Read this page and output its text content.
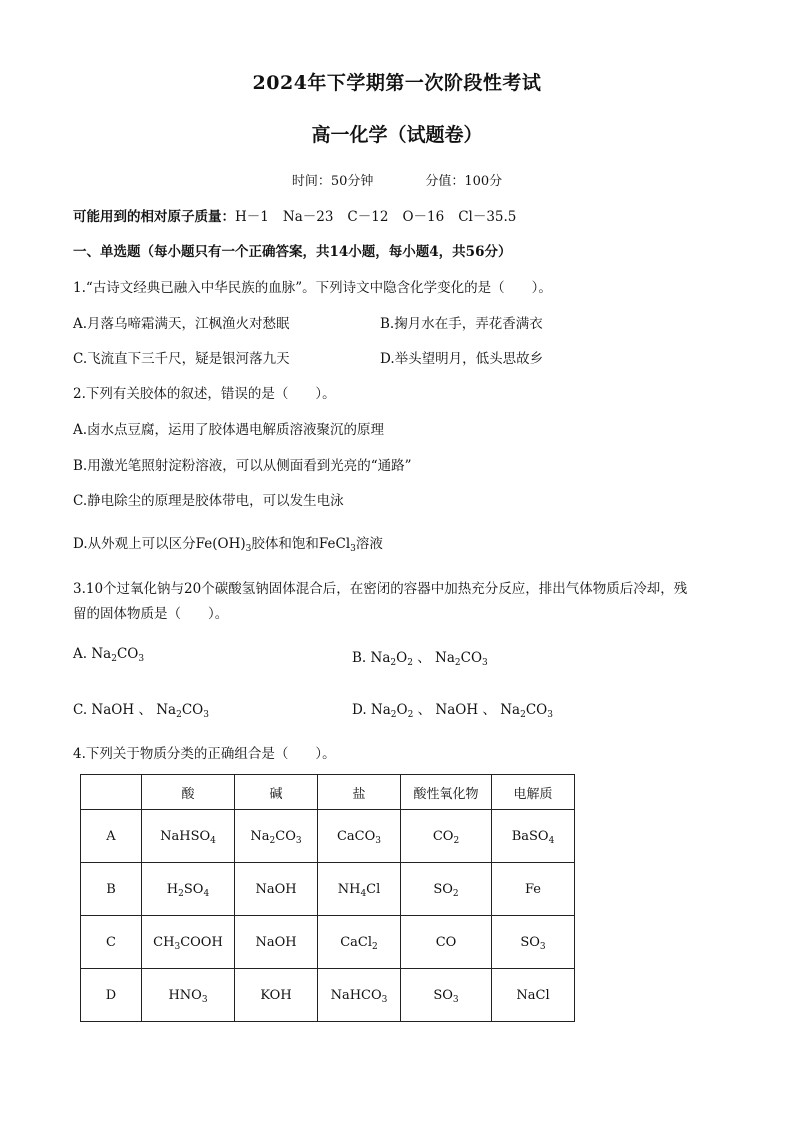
2024年下学期第一次阶段性考试
高一化学（试题卷）
时间：50分钟	分值：100分
可能用到的相对原子质量：H－1 Na－23 C－12 O－16 Cl－35.5
一、单选题（每小题只有一个正确答案，共14小题，每小题4，共56分）
1.“古诗文经典已融入中华民族的血脉”。下列诗文中隐含化学变化的是（　　）。
A.月落乌啼霜满天，江枫渔火对愁眠	B.掬月水在手，弄花香满衣
C.飞流直下三千尺，疑是银河落九天	D.举头望明月，低头思故乡
2.下列有关胶体的叙述，错误的是（　　）。
A.卤水点豆腐，运用了胶体遇电解质溶液聚沉的原理
B.用激光笔照射淀粉溶液，可以从侧面看到光亮的“通路”
C.静电除尘的原理是胶体带电，可以发生电泳
D.从外观上可以区分$Fe(OH)_3$胶体和饱和FeCl$_3$溶液
3.10个过氧化钠与20个碳酸氢钠固体混合后，在密闭的容器中加热充分反应，排出气体物质后冷却，残
留的固体物质是（　　）。
A. $Na_2CO_3$	B. $Na_2O_2$ 、 $Na_2CO_3$
C. NaOH 、 $Na_2CO_3$	D. $Na_2O_2$ 、 NaOH 、 $Na_2CO_3$
4.下列关于物质分类的正确组合是（　　）。
	酸	碱	盐	酸性氧化物	电解质
A	NaHSO$_4$	$Na_2CO_3$	CaCO$_3$	$CO_2$	BaSO$_4$
B	$H_2SO_4$	NaOH	$NH_4Cl$	$SO_2$	Fe
C	$CH_3COOH$	NaOH	CaCl$_2$	CO	$SO_3$
D	$HNO_3$	KOH	NaHCO$_3$	$SO_3$	NaCl
